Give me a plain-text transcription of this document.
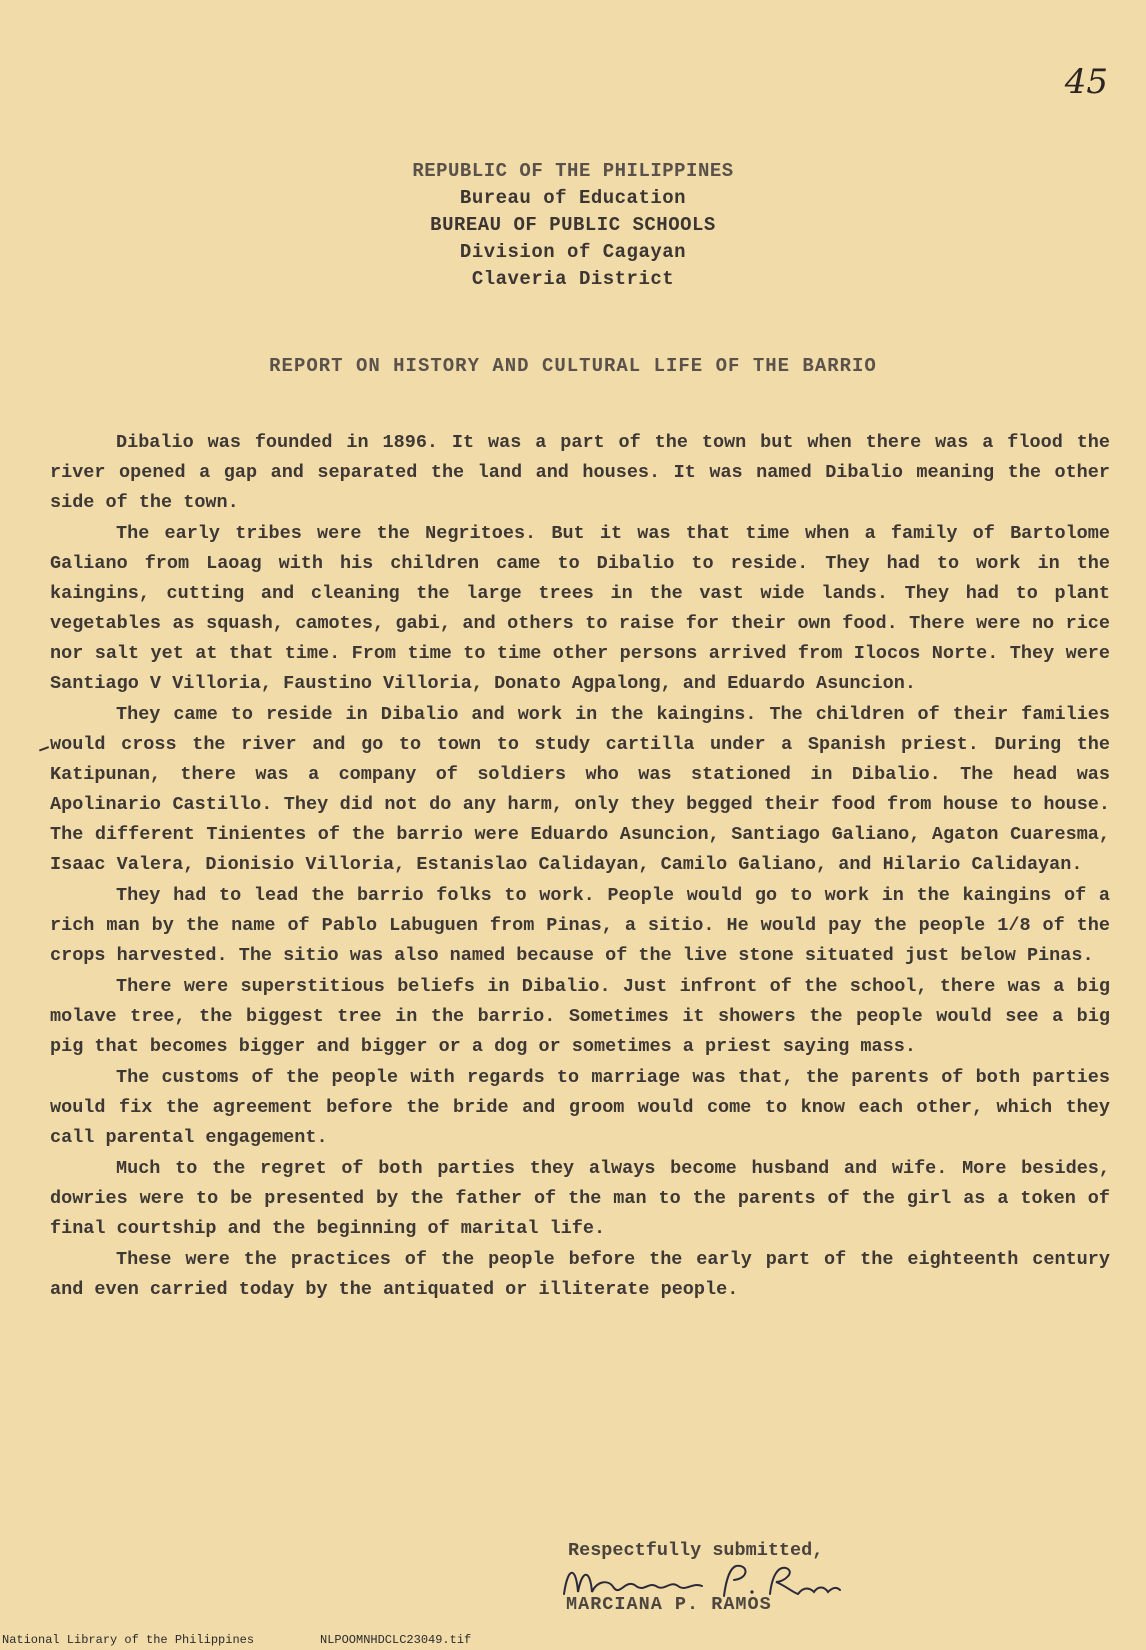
45
REPUBLIC OF THE PHILIPPINES
Bureau of Education
BUREAU OF PUBLIC SCHOOLS
Division of Cagayan
Claveria District
REPORT ON HISTORY AND CULTURAL LIFE OF THE BARRIO

Dibalio was founded in 1896. It was a part of the town but when there was a flood the river opened a gap and separated the land and houses. It was named Dibalio meaning the other side of the town.

The early tribes were the Negritoes. But it was that time when a family of Bartolome Galiano from Laoag with his children came to Dibalio to reside. They had to work in the kaingins, cutting and cleaning the large trees in the vast wide lands. They had to plant vegetables as squash, camotes, gabi, and others to raise for their own food. There were no rice nor salt yet at that time. From time to time other persons arrived from Ilocos Norte. They were Santiago V Villoria, Faustino Villoria, Donato Agpalong, and Eduardo Asuncion.

They came to reside in Dibalio and work in the kaingins. The children of their families would cross the river and go to town to study cartilla under a Spanish priest. During the Katipunan, there was a company of soldiers who was stationed in Dibalio. The head was Apolinario Castillo. They did not do any harm, only they begged their food from house to house. The different Tinientes of the barrio were Eduardo Asuncion, Santiago Galiano, Agaton Cuaresma, Isaac Valera, Dionisio Villoria, Estanislao Calidayan, Camilo Galiano, and Hilario Calidayan.

They had to lead the barrio folks to work. People would go to work in the kaingins of a rich man by the name of Pablo Labuguen from Pinas, a sitio. He would pay the people 1/8 of the crops harvested. The sitio was also named because of the live stone situated just below Pinas.

There were superstitious beliefs in Dibalio. Just infront of the school, there was a big molave tree, the biggest tree in the barrio. Sometimes it showers the people would see a big pig that becomes bigger and bigger or a dog or sometimes a priest saying mass.

The customs of the people with regards to marriage was that, the parents of both parties would fix the agreement before the bride and groom would come to know each other, which they call parental engagement.

Much to the regret of both parties they always become husband and wife. More besides, dowries were to be presented by the father of the man to the parents of the girl as a token of final courtship and the beginning of marital life.

These were the practices of the people before the early part of the eighteenth century and even carried today by the antiquated or illiterate people.

Respectfully submitted,
MARCIANA P. RAMOS
National Library of the Philippines	NLPOOMNHDCLC23049.tif
